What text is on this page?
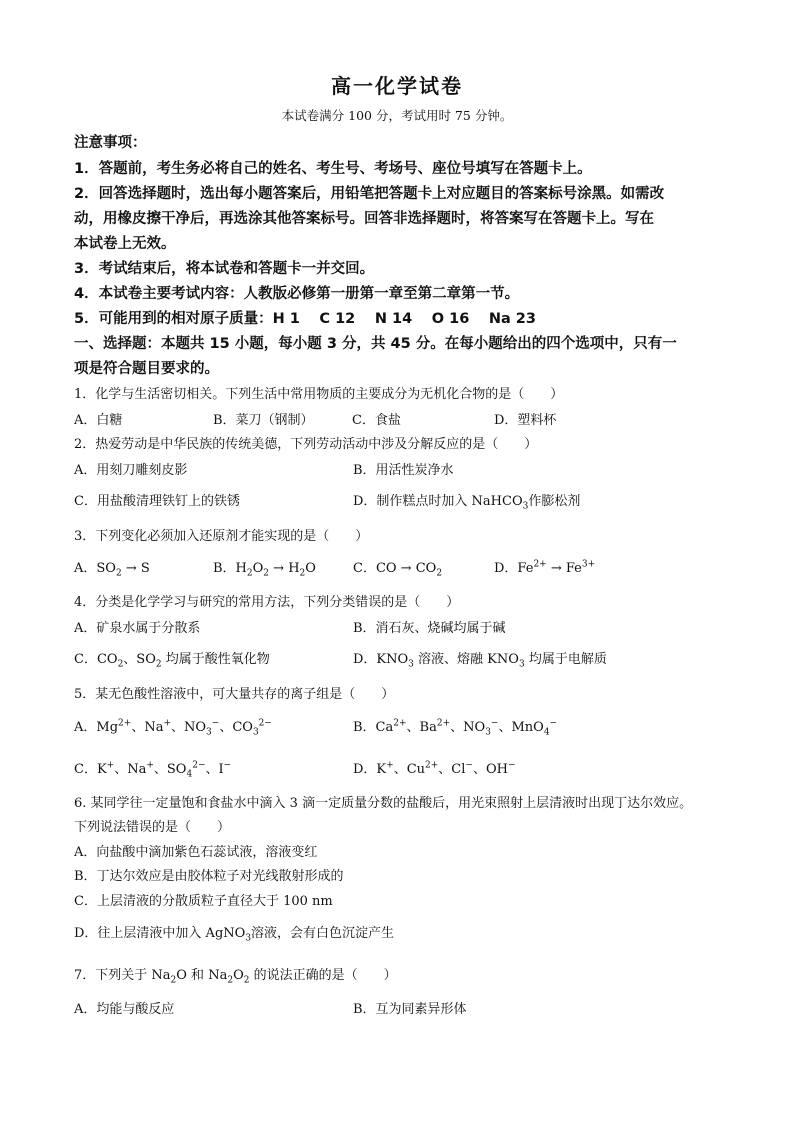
高一化学试卷
本试卷满分 100 分，考试用时 75 分钟。
注意事项：
1．答题前，考生务必将自己的姓名、考生号、考场号、座位号填写在答题卡上。
2．回答选择题时，选出每小题答案后，用铅笔把答题卡上对应题目的答案标号涂黑。如需改
动，用橡皮擦干净后，再选涂其他答案标号。回答非选择题时，将答案写在答题卡上。写在
本试卷上无效。
3．考试结束后，将本试卷和答题卡一并交回。
4．本试卷主要考试内容：人教版必修第一册第一章至第二章第一节。
5．可能用到的相对原子质量：H 1　 C 12　 N 14　 O 16　 Na 23
一、选择题：本题共 15 小题，每小题 3 分，共 45 分。在每小题给出的四个选项中，只有一
项是符合题目要求的。
1．化学与生活密切相关。下列生活中常用物质的主要成分为无机化合物的是（　　）
A．白糖	B．菜刀（钢制）	C．食盐	D．塑料杯
2．热爱劳动是中华民族的传统美德，下列劳动活动中涉及分解反应的是（　　）
A．用刻刀雕刻皮影	B．用活性炭净水
C．用盐酸清理铁钉上的铁锈	D．制作糕点时加入 NaHCO$_3$作膨松剂
3．下列变化必须加入还原剂才能实现的是（　　）
A．$SO_2 \to S$	B．$H_2O_2 \to H_2O$	C．CO → $CO_2$	D．$Fe^{2+} \to Fe^{3+}$
4．分类是化学学习与研究的常用方法，下列分类错误的是（　　）
A．矿泉水属于分散系	B．消石灰、烧碱均属于碱
C．$CO_2$、$SO_2$ 均属于酸性氧化物	D．$KNO_3$ 溶液、熔融 $KNO_3$ 均属于电解质
5．某无色酸性溶液中，可大量共存的离子组是（　　）
A．$Mg^{2+}$、Na+、$NO_3^-$、$CO_3^{2-}$	B．$Ca^{2+}$、$Ba^{2+}$、$NO_3^-$、MnO$_4$−
C．K+、Na+、$SO_4^{2-}$、I−	D．K+、$Cu^{2+}$、Cl−、OH−
6. 某同学往一定量饱和食盐水中滴入 3 滴一定质量分数的盐酸后，用光束照射上层清液时出现丁达尔效应。
下列说法错误的是（　　）
A．向盐酸中滴加紫色石蕊试液，溶液变红
B．丁达尔效应是由胶体粒子对光线散射形成的
C．上层清液的分散质粒子直径大于 100 nm
D．往上层清液中加入 AgNO$_3$溶液，会有白色沉淀产生
7．下列关于 $Na_2O$ 和 $Na_2O_2$ 的说法正确的是（　　）
A．均能与酸反应	B．互为同素异形体
